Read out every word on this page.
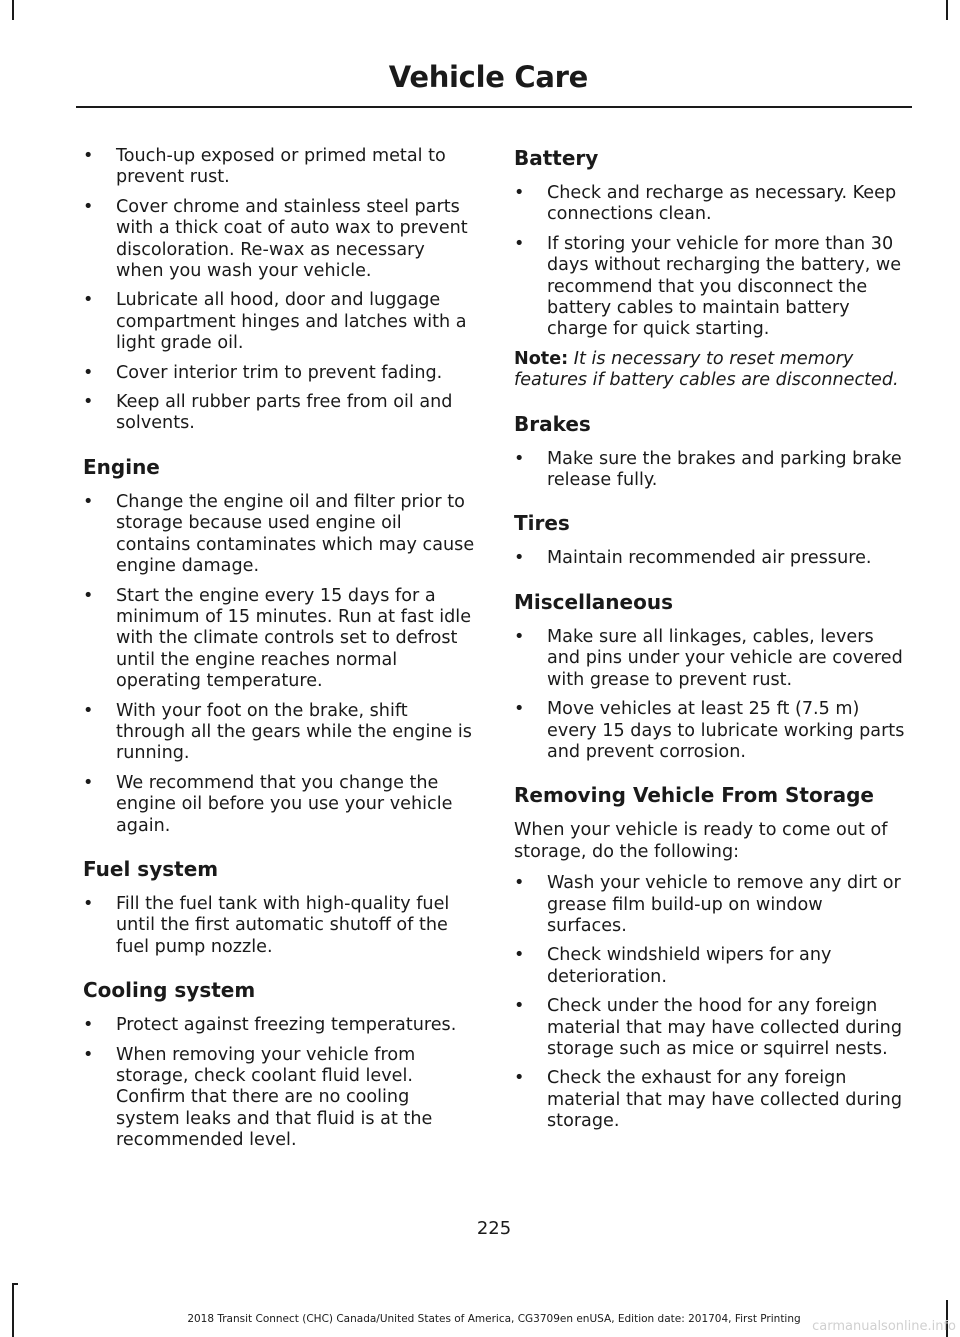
Vehicle Care
• Touch-up exposed or primed metal to prevent rust.
• Cover chrome and stainless steel parts with a thick coat of auto wax to prevent discoloration. Re-wax as necessary when you wash your vehicle.
• Lubricate all hood, door and luggage compartment hinges and latches with a light grade oil.
• Cover interior trim to prevent fading.
• Keep all rubber parts free from oil and solvents.
Engine
• Change the engine oil and filter prior to storage because used engine oil contains contaminates which may cause engine damage.
• Start the engine every 15 days for a minimum of 15 minutes. Run at fast idle with the climate controls set to defrost until the engine reaches normal operating temperature.
• With your foot on the brake, shift through all the gears while the engine is running.
• We recommend that you change the engine oil before you use your vehicle again.
Fuel system
• Fill the fuel tank with high-quality fuel until the first automatic shutoff of the fuel pump nozzle.
Cooling system
• Protect against freezing temperatures.
• When removing your vehicle from storage, check coolant fluid level. Confirm that there are no cooling system leaks and that fluid is at the recommended level.
Battery
• Check and recharge as necessary. Keep connections clean.
• If storing your vehicle for more than 30 days without recharging the battery, we recommend that you disconnect the battery cables to maintain battery charge for quick starting.

Note: It is necessary to reset memory features if battery cables are disconnected.

Brakes
• Make sure the brakes and parking brake release fully.
Tires
• Maintain recommended air pressure.
Miscellaneous
• Make sure all linkages, cables, levers and pins under your vehicle are covered with grease to prevent rust.
• Move vehicles at least 25 ft (7.5 m) every 15 days to lubricate working parts and prevent corrosion.
Removing Vehicle From Storage

When your vehicle is ready to come out of storage, do the following:

• Wash your vehicle to remove any dirt or grease film build-up on window surfaces.
• Check windshield wipers for any deterioration.
• Check under the hood for any foreign material that may have collected during storage such as mice or squirrel nests.
• Check the exhaust for any foreign material that may have collected during storage.
225
2018 Transit Connect (CHC) Canada/United States of America, CG3709en enUSA, Edition date: 201704, First Printing carmanualsonline.info
